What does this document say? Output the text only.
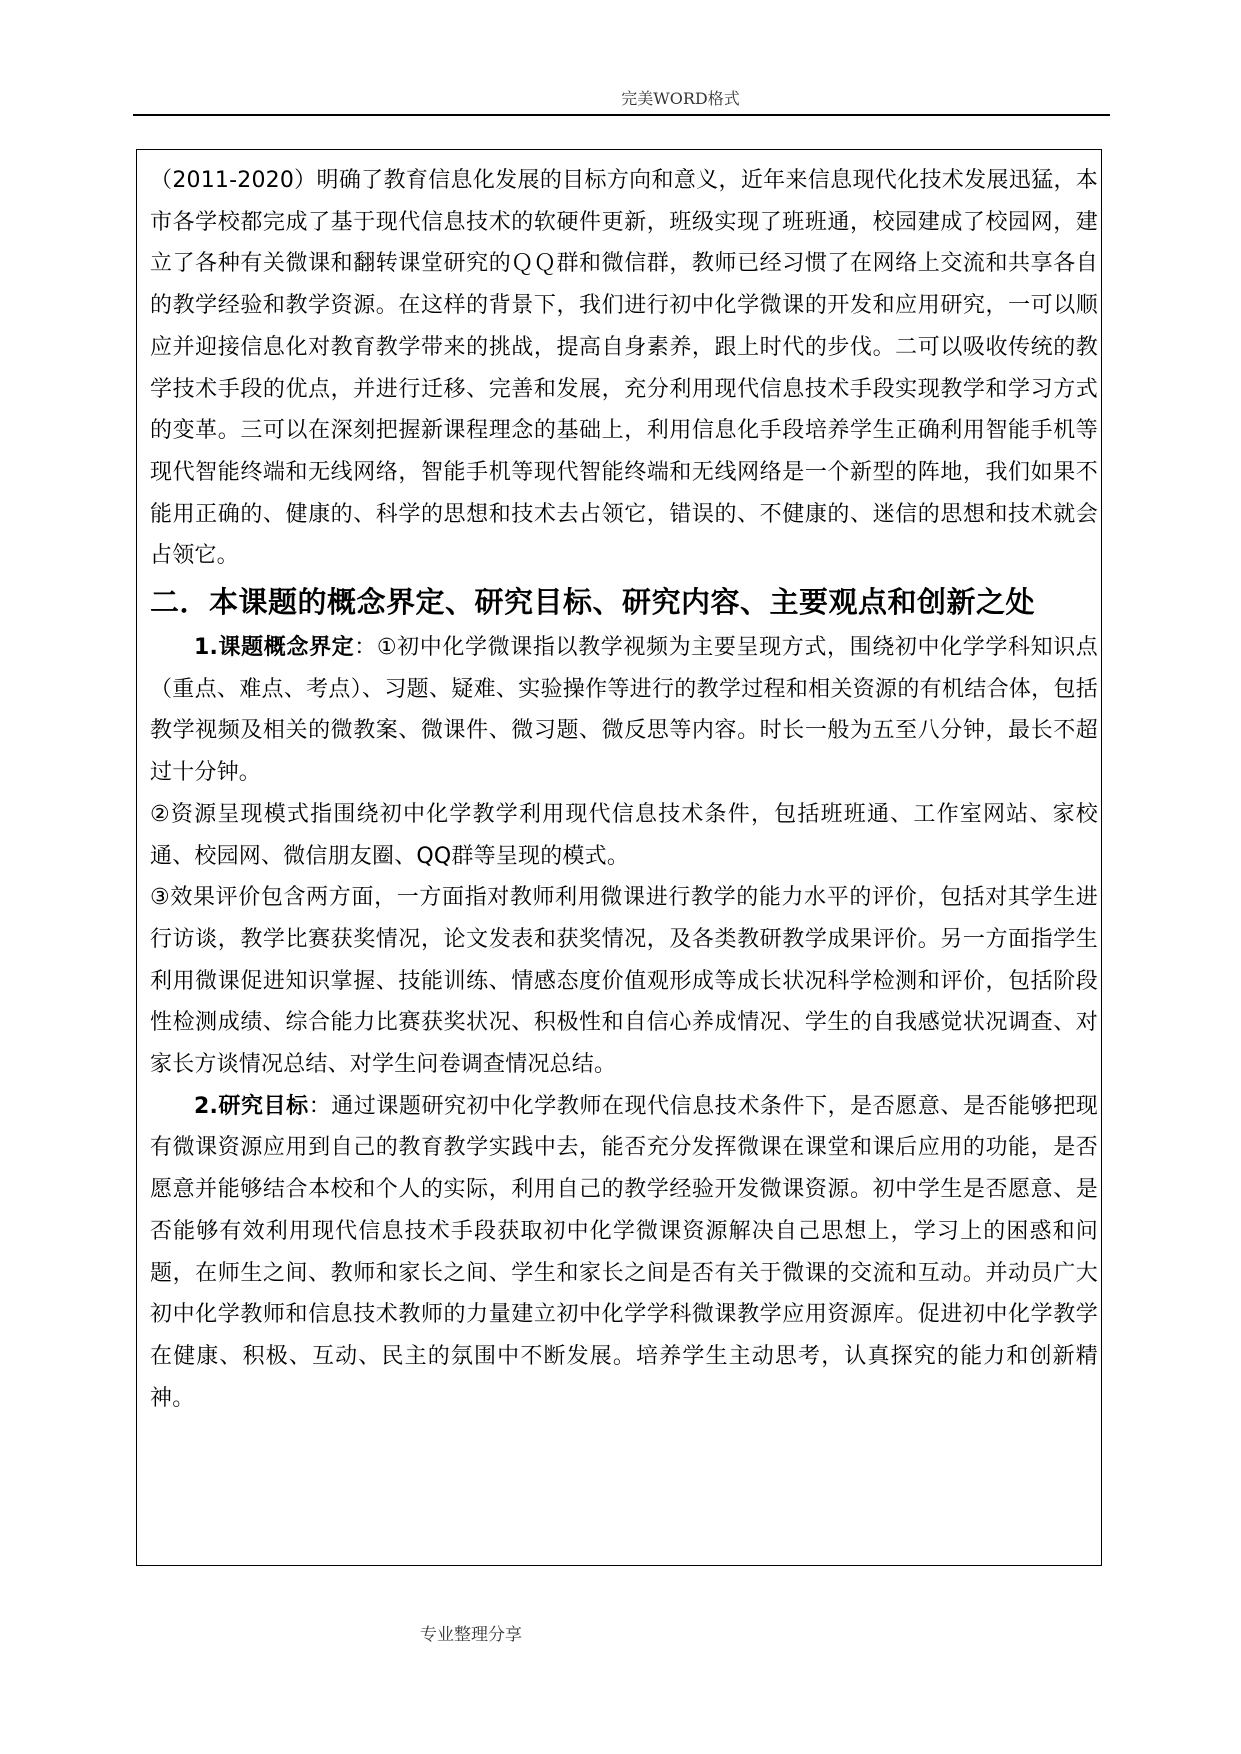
完美WORD格式

（2011-2020）明确了教育信息化发展的目标方向和意义，近年来信息现代化技术发展迅猛，本市各学校都完成了基于现代信息技术的软硬件更新，班级实现了班班通，校园建成了校园网，建立了各种有关微课和翻转课堂研究的ＱＱ群和微信群，教师已经习惯了在网络上交流和共享各自的教学经验和教学资源。在这样的背景下，我们进行初中化学微课的开发和应用研究，一可以顺应并迎接信息化对教育教学带来的挑战，提高自身素养，跟上时代的步伐。二可以吸收传统的教学技术手段的优点，并进行迁移、完善和发展，充分利用现代信息技术手段实现教学和学习方式的变革。三可以在深刻把握新课程理念的基础上，利用信息化手段培养学生正确利用智能手机等现代智能终端和无线网络，智能手机等现代智能终端和无线网络是一个新型的阵地，我们如果不能用正确的、健康的、科学的思想和技术去占领它，错误的、不健康的、迷信的思想和技术就会占领它。

二．本课题的概念界定、研究目标、研究内容、主要观点和创新之处

1.课题概念界定：①初中化学微课指以教学视频为主要呈现方式，围绕初中化学学科知识点（重点、难点、考点）、习题、疑难、实验操作等进行的教学过程和相关资源的有机结合体，包括教学视频及相关的微教案、微课件、微习题、微反思等内容。时长一般为五至八分钟，最长不超过十分钟。

②资源呈现模式指围绕初中化学教学利用现代信息技术条件，包括班班通、工作室网站、家校通、校园网、微信朋友圈、QQ群等呈现的模式。

③效果评价包含两方面，一方面指对教师利用微课进行教学的能力水平的评价，包括对其学生进行访谈，教学比赛获奖情况，论文发表和获奖情况，及各类教研教学成果评价。另一方面指学生利用微课促进知识掌握、技能训练、情感态度价值观形成等成长状况科学检测和评价，包括阶段性检测成绩、综合能力比赛获奖状况、积极性和自信心养成情况、学生的自我感觉状况调查、对家长方谈情况总结、对学生问卷调查情况总结。

2.研究目标：通过课题研究初中化学教师在现代信息技术条件下，是否愿意、是否能够把现有微课资源应用到自己的教育教学实践中去，能否充分发挥微课在课堂和课后应用的功能，是否愿意并能够结合本校和个人的实际，利用自己的教学经验开发微课资源。初中学生是否愿意、是否能够有效利用现代信息技术手段获取初中化学微课资源解决自己思想上，学习上的困惑和问题，在师生之间、教师和家长之间、学生和家长之间是否有关于微课的交流和互动。并动员广大初中化学教师和信息技术教师的力量建立初中化学学科微课教学应用资源库。促进初中化学教学在健康、积极、互动、民主的氛围中不断发展。培养学生主动思考，认真探究的能力和创新精神。

专业整理分享
